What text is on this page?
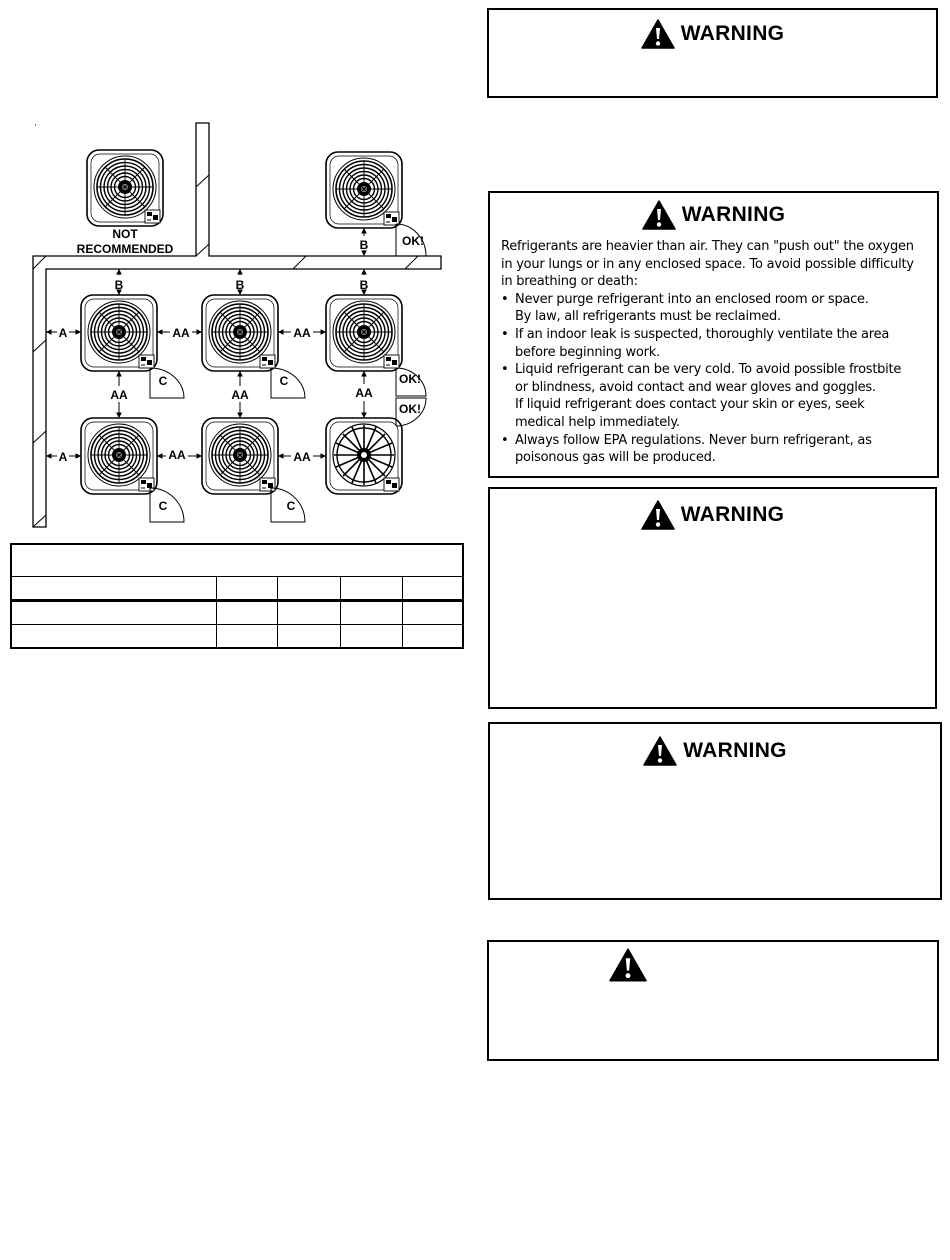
NOT
RECOMMENDED	B
B	B	B
A
A
AA	AA
AA	AA
AA	AA	AA
C	C
C	C
OK!
OK!
OK!
WARNING
WARNING
Refrigerants are heavier than air. They can "push out" the oxygen
in your lungs or in any enclosed space. To avoid possible difficulty
in breathing or death:
• Never purge refrigerant into an enclosed room or space.
By law, all refrigerants must be reclaimed.
• If an indoor leak is suspected, thoroughly ventilate the area
before beginning work.
• Liquid refrigerant can be very cold. To avoid possible frostbite
or blindness, avoid contact and wear gloves and goggles.
If liquid refrigerant does contact your skin or eyes, seek
medical help immediately.
• Always follow EPA regulations. Never burn refrigerant, as
poisonous gas will be produced.
WARNING
WARNING
